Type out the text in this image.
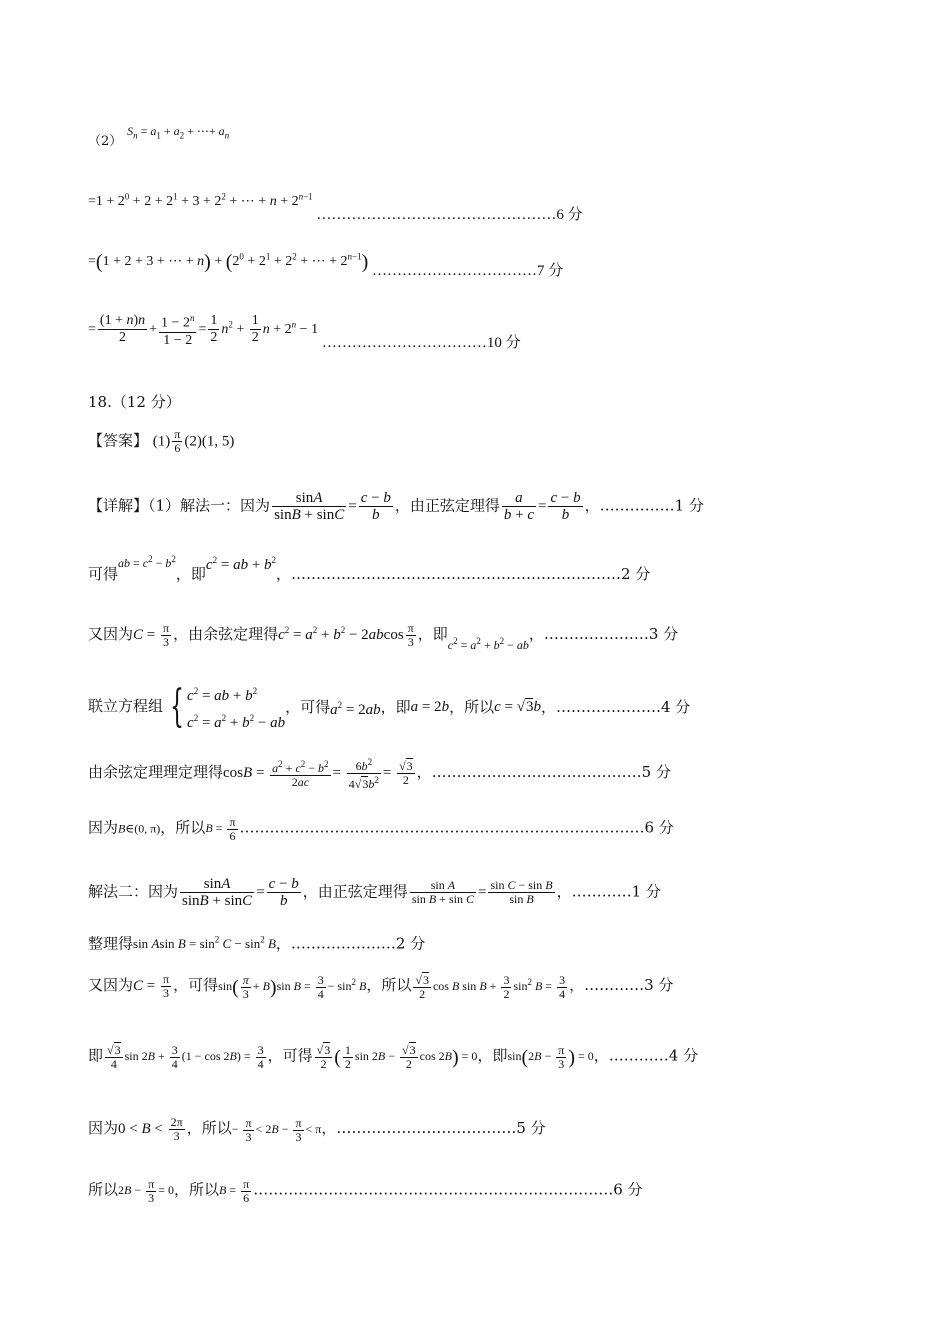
（2） $^{S_n = a_1 + a_2 + \cdots+ a_n}$
$=1 + 2^0 + 2 + 2^1 + 3 + 2^2$ + ⋯ + $n + 2^{n-1}$ …………………………………………6 分
=(1 + 2 + 3 + ⋯ + $n) + (2^0 + 2^1 + 2^2$ + ⋯ + $2^{n-1}$) ……………………………7 分
= $\frac{(1 + n)n}{2} + \frac{1 - 2^n}{1 - 2} = \frac{1}{2} n^2 + \frac{1}{2}$ $n + 2^n - 1$ ……………………………10 分
18.（12 分）
【答案】 $(1) \frac{\pi}{6} (2)(1$, 5)
【详解】（1）解法一：因为 $\frac{\sin A}{\sin B + \sin C} = \frac{c - b}{b}$ ，由正弦定理得 $\frac{a}{b + c} = \frac{c - b}{b}$ ，……………1 分
可得$^{ab = c^2 - b^2}$，即$c^2$ = ab + $b^2$，…………………………………………………………2 分
又因为$C = \frac{\pi}{3}$ ，由余弦定理得$c^2 = a^2 + b^2 - 2abcos \frac{\pi}{3}$ ，即$_{c^2 = a^2 + b^2 - ab}$，…………………3 分
联立方程组 { $c^2$ = ab + $b^2$
$c^2 = a^2 + b^2$ − ab
，可得$a^2 = 2ab$，即a = 2b，所以c = √3b，…………………4 分
由余弦定理理定理得$\cos B = \frac{a^2 + c^2 - b^2}{2ac} = \frac{6b^2}{4√3b^2} = \frac{√3}{2}$ ，……………………………………5 分
因为B∈(0, π)，所以$B = \frac{\pi}{6}$ ………………………………………………………………………6 分
解法二：因为 $\frac{\sin A}{\sin B + \sin C} = \frac{c - b}{b}$ ，由正弦定理得 $\frac{\text{sin A}}{\text{sin B + sin C}} = \frac{\text{sin C − sin B}}{\text{sin B}}$ ，…………1 分
整理得sin Asin $B = \sin^2 C - \sin^2 B$，…………………2 分
又因为$C = \frac{\pi}{3}$ ，可得$\sin( \frac{\pi}{3} + B)\sin$ $B = \frac{3}{4} - \sin^2 B$，所以 $\frac{√3}{2}$ cos B $\sin B + \frac{3}{2} \sin^2 B = \frac{3}{4}$ ，…………3 分
即 $\frac{√3}{4}$ $\sin 2B + \frac{3}{4} (1 - \cos 2B) = \frac{3}{4}$ ，可得 $\frac{√3}{2}$ ( $\frac{1}{2}$ $\sin 2B - \frac{√3}{2}$ cos 2B) = 0，即$\sin(2B - \frac{\pi}{3}$ ) = 0，…………4 分
因为$0 < B < \frac{2\pi}{3}$ ，所以− $\frac{\pi}{3} < 2B - \frac{\pi}{3} < \pi$，………………………………5 分
所以$2B - \frac{\pi}{3} = 0$，所以$B = \frac{\pi}{6}$ ………………………………………………………………6 分
